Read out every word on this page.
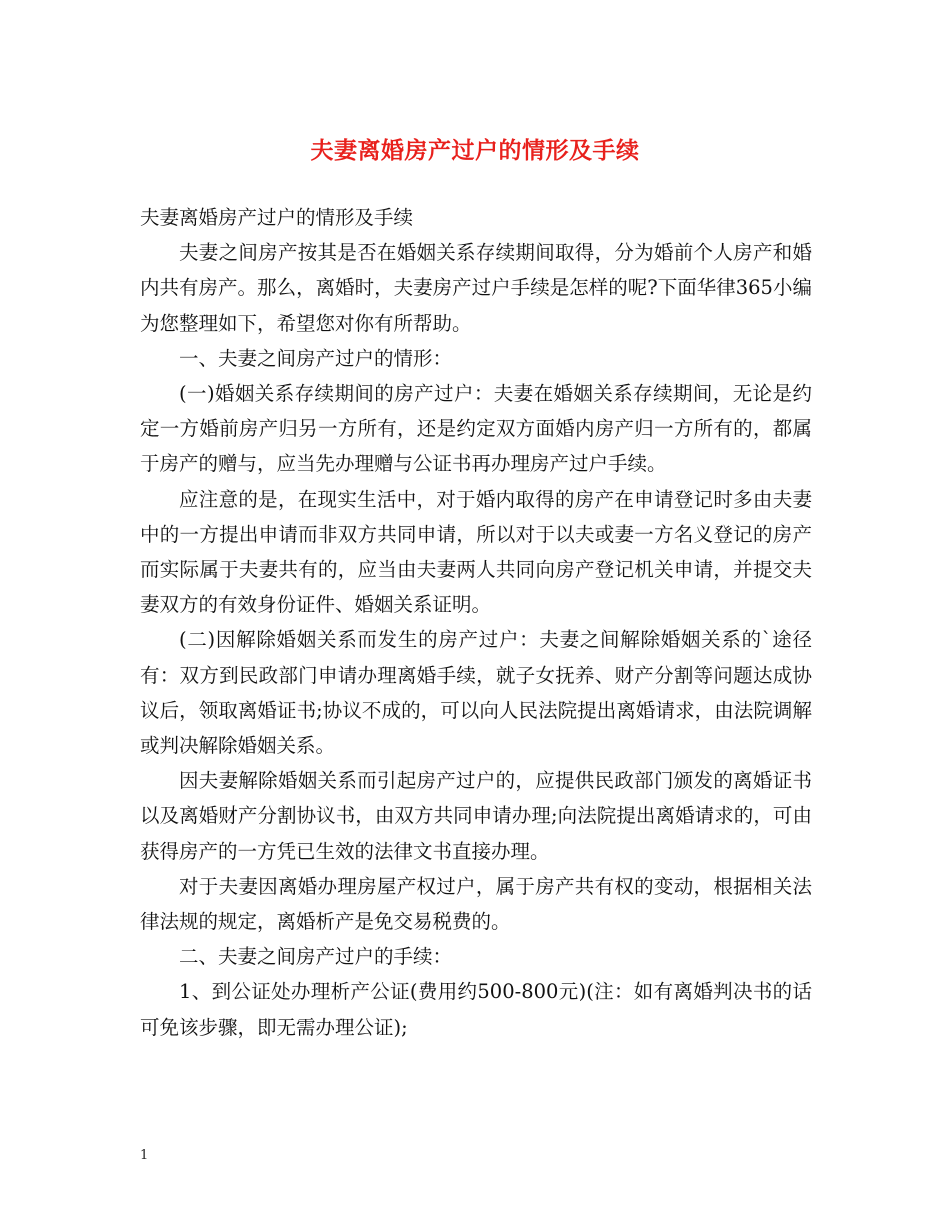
夫妻离婚房产过户的情形及手续

夫妻离婚房产过户的情形及手续

夫妻之间房产按其是否在婚姻关系存续期间取得，分为婚前个人房产和婚内共有房产。那么，离婚时，夫妻房产过户手续是怎样的呢?下面华律365小编为您整理如下，希望您对你有所帮助。

一、夫妻之间房产过户的情形：

(一)婚姻关系存续期间的房产过户：夫妻在婚姻关系存续期间，无论是约定一方婚前房产归另一方所有，还是约定双方面婚内房产归一方所有的，都属于房产的赠与，应当先办理赠与公证书再办理房产过户手续。

应注意的是，在现实生活中，对于婚内取得的房产在申请登记时多由夫妻中的一方提出申请而非双方共同申请，所以对于以夫或妻一方名义登记的房产而实际属于夫妻共有的，应当由夫妻两人共同向房产登记机关申请，并提交夫妻双方的有效身份证件、婚姻关系证明。

(二)因解除婚姻关系而发生的房产过户：夫妻之间解除婚姻关系的`途径有：双方到民政部门申请办理离婚手续，就子女抚养、财产分割等问题达成协议后，领取离婚证书;协议不成的，可以向人民法院提出离婚请求，由法院调解或判决解除婚姻关系。

因夫妻解除婚姻关系而引起房产过户的，应提供民政部门颁发的离婚证书以及离婚财产分割协议书，由双方共同申请办理;向法院提出离婚请求的，可由获得房产的一方凭已生效的法律文书直接办理。

对于夫妻因离婚办理房屋产权过户，属于房产共有权的变动，根据相关法律法规的规定，离婚析产是免交易税费的。

二、夫妻之间房产过户的手续：

1、到公证处办理析产公证(费用约500-800元)(注：如有离婚判决书的话可免该步骤，即无需办理公证);

1
